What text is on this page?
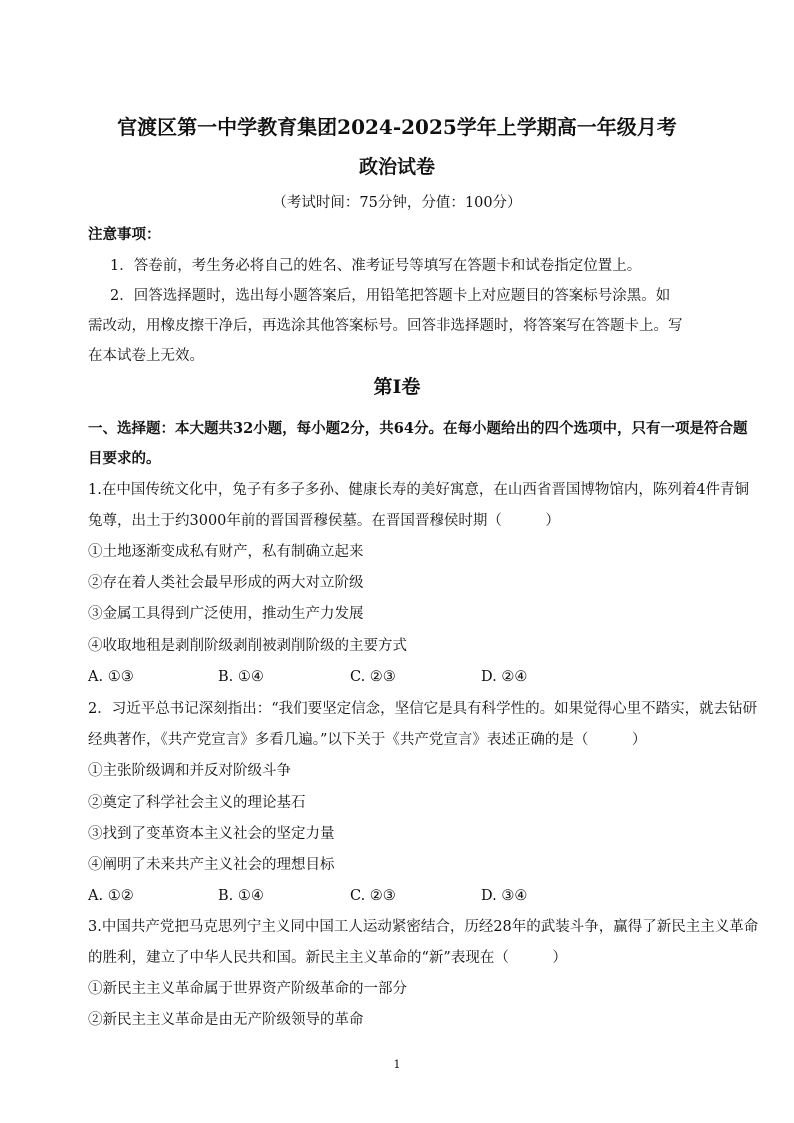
官渡区第一中学教育集团2024-2025学年上学期高一年级月考
政治试卷
（考试时间：75分钟，分值：100分）
注意事项：
1．答卷前，考生务必将自己的姓名、准考证号等填写在答题卡和试卷指定位置上。
2．回答选择题时，选出每小题答案后，用铅笔把答题卡上对应题目的答案标号涂黑。如
需改动，用橡皮擦干净后，再选涂其他答案标号。回答非选择题时，将答案写在答题卡上。写
在本试卷上无效。
第Ⅰ卷
一、选择题：本大题共32小题，每小题2分，共64分。在每小题给出的四个选项中，只有一项是符合题
目要求的。
1.在中国传统文化中，兔子有多子多孙、健康长寿的美好寓意，在山西省晋国博物馆内，陈列着4件青铜
兔尊，出土于约3000年前的晋国晋穆侯墓。在晋国晋穆侯时期（　　　）
①土地逐渐变成私有财产，私有制确立起来
②存在着人类社会最早形成的两大对立阶级
③金属工具得到广泛使用，推动生产力发展
④收取地租是剥削阶级剥削被剥削阶级的主要方式
A. ①③	B. ①④	C. ②③	D. ②④
2．习近平总书记深刻指出：“我们要坚定信念，坚信它是具有科学性的。如果觉得心里不踏实，就去钻研
经典著作，《共产党宣言》多看几遍。”以下关于《共产党宣言》表述正确的是（　　　）
①主张阶级调和并反对阶级斗争
②奠定了科学社会主义的理论基石
③找到了变革资本主义社会的坚定力量
④阐明了未来共产主义社会的理想目标
A. ①②	B. ①④	C. ②③	D. ③④
3.中国共产党把马克思列宁主义同中国工人运动紧密结合，历经28年的武装斗争，赢得了新民主主义革命
的胜利，建立了中华人民共和国。新民主主义革命的“新”表现在（　　　）
①新民主主义革命属于世界资产阶级革命的一部分
②新民主主义革命是由无产阶级领导的革命
1
